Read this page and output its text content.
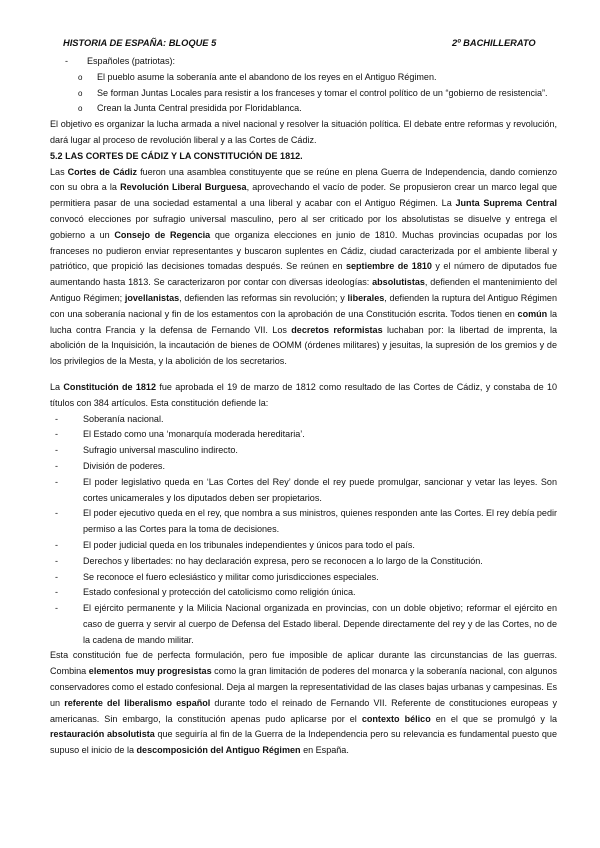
HISTORIA DE ESPAÑA: BLOQUE 5	2º BACHILLERATO
- Españoles (patriotas):
o El pueblo asume la soberanía ante el abandono de los reyes en el Antiguo Régimen.
o Se forman Juntas Locales para resistir a los franceses y tomar el control político de un “gobierno de resistencia”.
o Crean la Junta Central presidida por Floridablanca.

El objetivo es organizar la lucha armada a nivel nacional y resolver la situación política. El debate entre reformas y revolución, dará lugar al proceso de revolución liberal y a las Cortes de Cádiz.

5.2 LAS CORTES DE CÁDIZ Y LA CONSTITUCIÓN DE 1812.

Las Cortes de Cádiz fueron una asamblea constituyente que se reúne en plena Guerra de Independencia, dando comienzo con su obra a la Revolución Liberal Burguesa, aprovechando el vacío de poder. Se propusieron crear un marco legal que permitiera pasar de una sociedad estamental a una liberal y acabar con el Antiguo Régimen. La Junta Suprema Central convocó elecciones por sufragio universal masculino, pero al ser criticado por los absolutistas se disuelve y entrega el gobierno a un Consejo de Regencia que organiza elecciones en junio de 1810. Muchas provincias ocupadas por los franceses no pudieron enviar representantes y buscaron suplentes en Cádiz, ciudad caracterizada por el ambiente liberal y patriótico, que propició las decisiones tomadas después. Se reúnen en septiembre de 1810 y el número de diputados fue aumentando hasta 1813. Se caracterizaron por contar con diversas ideologías: absolutistas, defienden el mantenimiento del Antiguo Régimen; jovellanistas, defienden las reformas sin revolución; y liberales, defienden la ruptura del Antiguo Régimen con una soberanía nacional y fin de los estamentos con la aprobación de una Constitución escrita. Todos tienen en común la lucha contra Francia y la defensa de Fernando VII. Los decretos reformistas luchaban por: la libertad de imprenta, la abolición de la Inquisición, la incautación de bienes de OOMM (órdenes militares) y jesuitas, la supresión de los gremios y de los privilegios de la Mesta, y la abolición de los secretarios.

La Constitución de 1812 fue aprobada el 19 de marzo de 1812 como resultado de las Cortes de Cádiz, y constaba de 10 títulos con 384 artículos. Esta constitución defiende la:

-	Soberanía nacional.
-	El Estado como una ‘monarquía moderada hereditaria’.
-	Sufragio universal masculino indirecto.
-	División de poderes.
-	El poder legislativo queda en ‘Las Cortes del Rey’ donde el rey puede promulgar, sancionar y vetar las leyes. Son cortes unicamerales y los diputados deben ser propietarios.
-	El poder ejecutivo queda en el rey, que nombra a sus ministros, quienes responden ante las Cortes. El rey debía pedir permiso a las Cortes para la toma de decisiones.
-	El poder judicial queda en los tribunales independientes y únicos para todo el país.
-	Derechos y libertades: no hay declaración expresa, pero se reconocen a lo largo de la Constitución.
-	Se reconoce el fuero eclesiástico y militar como jurisdicciones especiales.
-	Estado confesional y protección del catolicismo como religión única.
-	El ejército permanente y la Milicia Nacional organizada en provincias, con un doble objetivo; reformar el ejército en caso de guerra y servir al cuerpo de Defensa del Estado liberal. Depende directamente del rey y de las Cortes, no de la cadena de mando militar.

Esta constitución fue de perfecta formulación, pero fue imposible de aplicar durante las circunstancias de las guerras. Combina elementos muy progresistas como la gran limitación de poderes del monarca y la soberanía nacional, con algunos conservadores como el estado confesional. Deja al margen la representatividad de las clases bajas urbanas y campesinas. Es un referente del liberalismo español durante todo el reinado de Fernando VII. Referente de constituciones europeas y americanas. Sin embargo, la constitución apenas pudo aplicarse por el contexto bélico en el que se promulgó y la restauración absolutista que seguiría al fin de la Guerra de la Independencia pero su relevancia es fundamental puesto que supuso el inicio de la descomposición del Antiguo Régimen en España.
